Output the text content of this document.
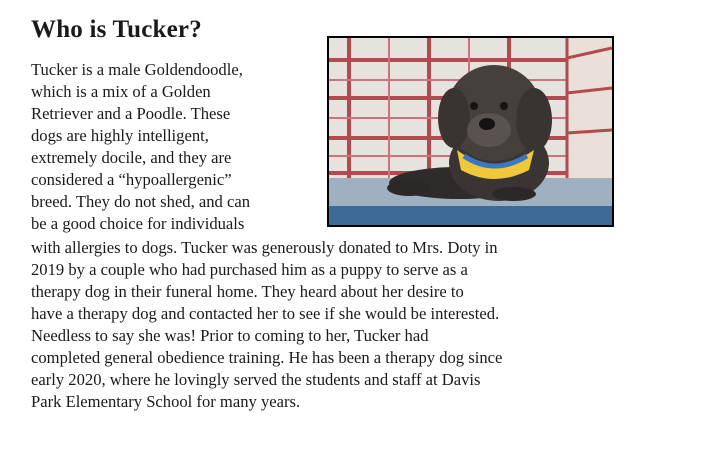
Who is Tucker?

Tucker is a male Goldendoodle,

which is a mix of a Golden

Retriever and a Poodle. These

dogs are highly intelligent,

extremely docile, and they are

considered a “hypoallergenic”

breed. They do not shed, and can

be a good choice for individuals

with allergies to dogs. Tucker was generously donated to Mrs. Doty in

2019 by a couple who had purchased him as a puppy to serve as a

therapy dog in their funeral home. They heard about her desire to

have a therapy dog and contacted her to see if she would be interested.

Needless to say she was! Prior to coming to her, Tucker had

completed general obedience training. He has been a therapy dog since

early 2020, where he lovingly served the students and staff at Davis

Park Elementary School for many years.
